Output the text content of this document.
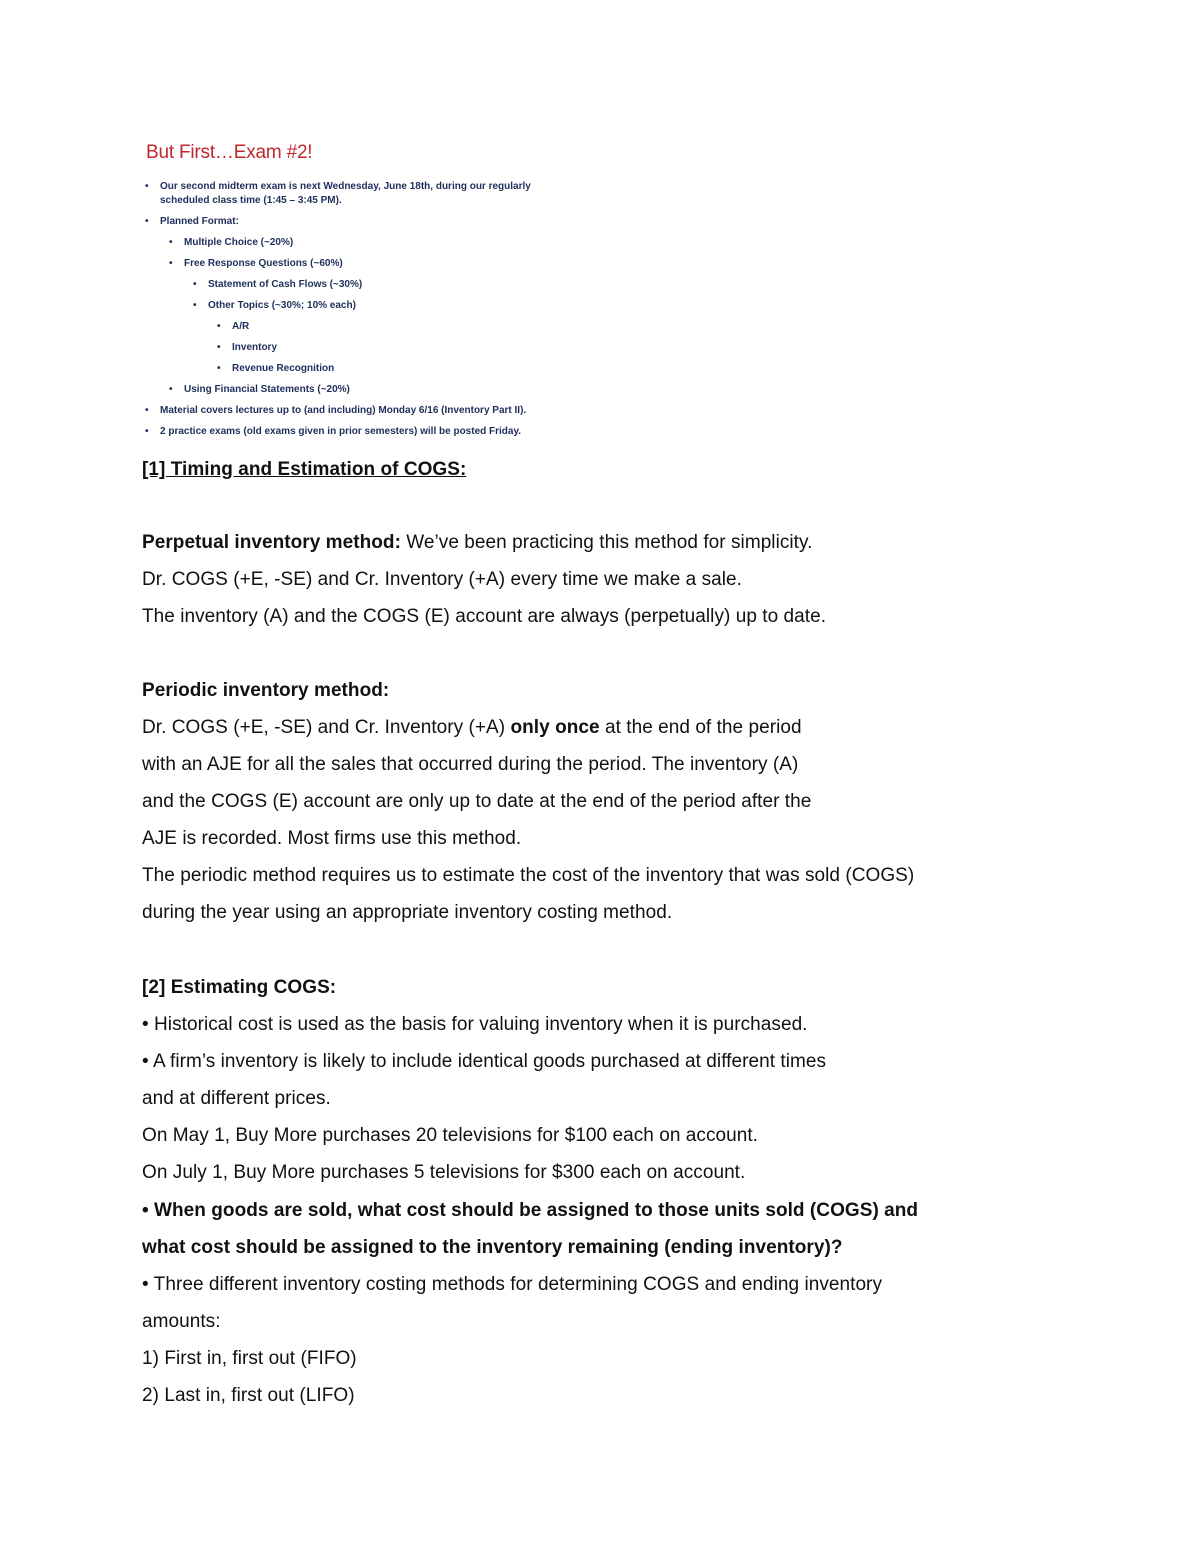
But First…Exam #2!
• Our second midterm exam is next Wednesday, June 18th, during our regularly
scheduled class time (1:45 – 3:45 PM).
• Planned Format:
• Multiple Choice (~20%)
• Free Response Questions (~60%)
• Statement of Cash Flows (~30%)
• Other Topics (~30%; 10% each)
• A/R
• Inventory
• Revenue Recognition
• Using Financial Statements (~20%)
• Material covers lectures up to (and including) Monday 6/16 (Inventory Part II).
• 2 practice exams (old exams given in prior semesters) will be posted Friday.
[1] Timing and Estimation of COGS:
Perpetual inventory method: We’ve been practicing this method for simplicity.
Dr. COGS (+E, -SE) and Cr. Inventory (+A) every time we make a sale.
The inventory (A) and the COGS (E) account are always (perpetually) up to date.
Periodic inventory method:
Dr. COGS (+E, -SE) and Cr. Inventory (+A) only once at the end of the period
with an AJE for all the sales that occurred during the period. The inventory (A)
and the COGS (E) account are only up to date at the end of the period after the
AJE is recorded. Most firms use this method.
The periodic method requires us to estimate the cost of the inventory that was sold (COGS)
during the year using an appropriate inventory costing method.
[2] Estimating COGS:
• Historical cost is used as the basis for valuing inventory when it is purchased.
• A firm’s inventory is likely to include identical goods purchased at different times
and at different prices.
On May 1, Buy More purchases 20 televisions for $100 each on account.
On July 1, Buy More purchases 5 televisions for $300 each on account.
• When goods are sold, what cost should be assigned to those units sold (COGS) and
what cost should be assigned to the inventory remaining (ending inventory)?
• Three different inventory costing methods for determining COGS and ending inventory
amounts:
1) First in, first out (FIFO)
2) Last in, first out (LIFO)
